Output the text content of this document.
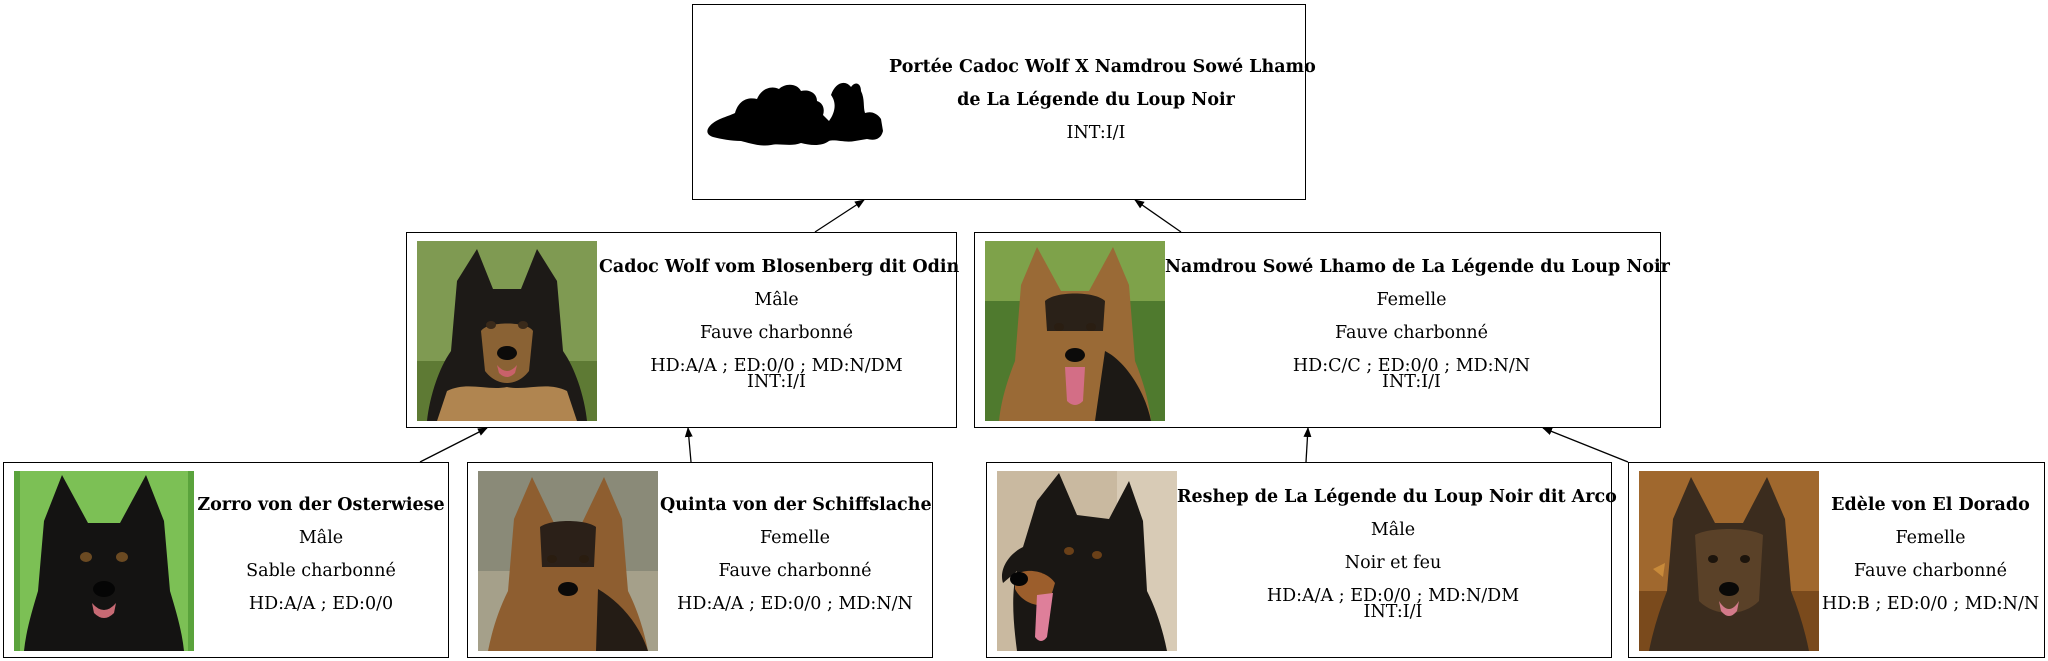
Portée Cadoc Wolf X Namdrou Sowé Lhamo
de La Légende du Loup Noir
INT:I/I
Cadoc Wolf vom Blosenberg dit Odin
Mâle
Fauve charbonné
HD:A/A ; ED:0/0 ; MD:N/DM
INT:I/I
Namdrou Sowé Lhamo de La Légende du Loup Noir
Femelle
Fauve charbonné
HD:C/C ; ED:0/0 ; MD:N/N
INT:I/I
Zorro von der Osterwiese
Mâle
Sable charbonné
HD:A/A ; ED:0/0
Quinta von der Schiffslache
Femelle
Fauve charbonné
HD:A/A ; ED:0/0 ; MD:N/N
Reshep de La Légende du Loup Noir dit Arco
Mâle
Noir et feu
HD:A/A ; ED:0/0 ; MD:N/DM
INT:I/I
Edèle von El Dorado
Femelle
Fauve charbonné
HD:B ; ED:0/0 ; MD:N/N
